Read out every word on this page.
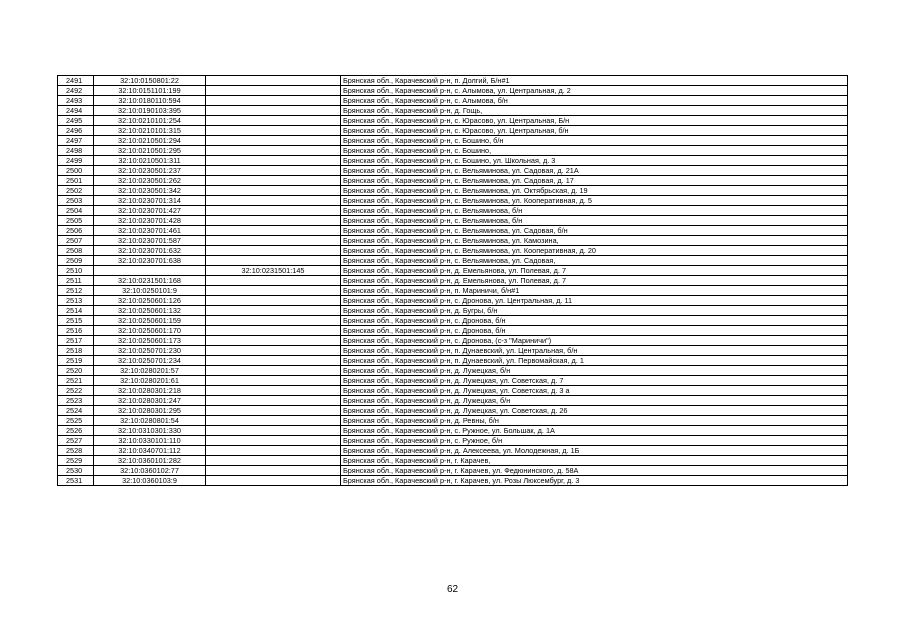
2491	32:10:0150801:22		Брянская обл., Карачевский р-н, п. Долгий, Б/н#1
2492	32:10:0151101:199		Брянская обл., Карачевский р-н, с. Алымова, ул. Центральная, д. 2
2493	32:10:0180110:594		Брянская обл., Карачевский р-н, с. Алымова, б/н
2494	32:10:0190103:395		Брянская обл., Карачевский р-н, д. Гощь,
2495	32:10:0210101:254		Брянская обл., Карачевский р-н, с. Юрасово, ул. Центральная, Б/н
2496	32:10:0210101:315		Брянская обл., Карачевский р-н, с. Юрасово, ул. Центральная, б/н
2497	32:10:0210501:294		Брянская обл., Карачевский р-н, с. Бошино, б/н
2498	32:10:0210501:295		Брянская обл., Карачевский р-н, с. Бошино,
2499	32:10:0210501:311		Брянская обл., Карачевский р-н, с. Бошино, ул. Школьная, д. 3
2500	32:10:0230501:237		Брянская обл., Карачевский р-н, с. Вельяминова, ул. Садовая, д. 21А
2501	32:10:0230501:262		Брянская обл., Карачевский р-н, с. Вельяминова, ул. Садовая, д. 17
2502	32:10:0230501:342		Брянская обл., Карачевский р-н, с. Вельяминова, ул. Октябрьская, д. 19
2503	32:10:0230701:314		Брянская обл., Карачевский р-н, с. Вельяминова, ул. Кооперативная, д. 5
2504	32:10:0230701:427		Брянская обл., Карачевский р-н, с. Вельяминова, б/н
2505	32:10:0230701:428		Брянская обл., Карачевский р-н, с. Вельяминова, б/н
2506	32:10:0230701:461		Брянская обл., Карачевский р-н, с. Вельяминова, ул. Садовая, б/н
2507	32:10:0230701:587		Брянская обл., Карачевский р-н, с. Вельяминова, ул. Камозина,
2508	32:10:0230701:632		Брянская обл., Карачевский р-н, с. Вельяминова, ул. Кооперативная, д. 20
2509	32:10:0230701:638		Брянская обл., Карачевский р-н, с. Вельяминова, ул. Садовая,
2510		32:10:0231501:145	Брянская обл., Карачевский р-н, д. Емельянова, ул. Полевая, д. 7
2511	32:10:0231501:168		Брянская обл., Карачевский р-н, д. Емельянова, ул. Полевая, д. 7
2512	32:10:0250101:9		Брянская обл., Карачевский р-н, п. Мариничи, б/н#1
2513	32:10:0250601:126		Брянская обл., Карачевский р-н, с. Дронова, ул. Центральная, д. 11
2514	32:10:0250601:132		Брянская обл., Карачевский р-н, д. Бугры, б/н
2515	32:10:0250601:159		Брянская обл., Карачевский р-н, с. Дронова, б/н
2516	32:10:0250601:170		Брянская обл., Карачевский р-н, с. Дронова, б/н
2517	32:10:0250601:173		Брянская обл., Карачевский р-н, с. Дронова, (с-з "Мариничи")
2518	32:10:0250701:230		Брянская обл., Карачевский р-н, п. Дунаевский, ул. Центральная, б/н
2519	32:10:0250701:234		Брянская обл., Карачевский р-н, п. Дунаевский, ул. Первомайская, д. 1
2520	32:10:0280201:57		Брянская обл., Карачевский р-н, д. Лужецкая, б/н
2521	32:10:0280201:61		Брянская обл., Карачевский р-н, д. Лужецкая, ул. Советская, д. 7
2522	32:10:0280301:218		Брянская обл., Карачевский р-н, д. Лужецкая, ул. Советская, д. 3 а
2523	32:10:0280301:247		Брянская обл., Карачевский р-н, д. Лужецкая, б/н
2524	32:10:0280301:295		Брянская обл., Карачевский р-н, д. Лужецкая, ул. Советская, д. 26
2525	32:10:0280801:54		Брянская обл., Карачевский р-н, д. Ревны, б/н
2526	32:10:0310301:330		Брянская обл., Карачевский р-н, с. Ружное, ул. Большак, д. 1А
2527	32:10:0330101:110		Брянская обл., Карачевский р-н, с. Ружное, б/н
2528	32:10:0340701:112		Брянская обл., Карачевский р-н, д. Алексеева, ул. Молодежная, д. 1Б
2529	32:10:0360101:282		Брянская обл., Карачевский р-н, г. Карачев,
2530	32:10:0360102:77		Брянская обл., Карачевский р-н, г. Карачев, ул. Федюнинского, д. 58А
2531	32:10:0360103:9		Брянская обл., Карачевский р-н, г. Карачев, ул. Розы Люксембург, д. 3
62
